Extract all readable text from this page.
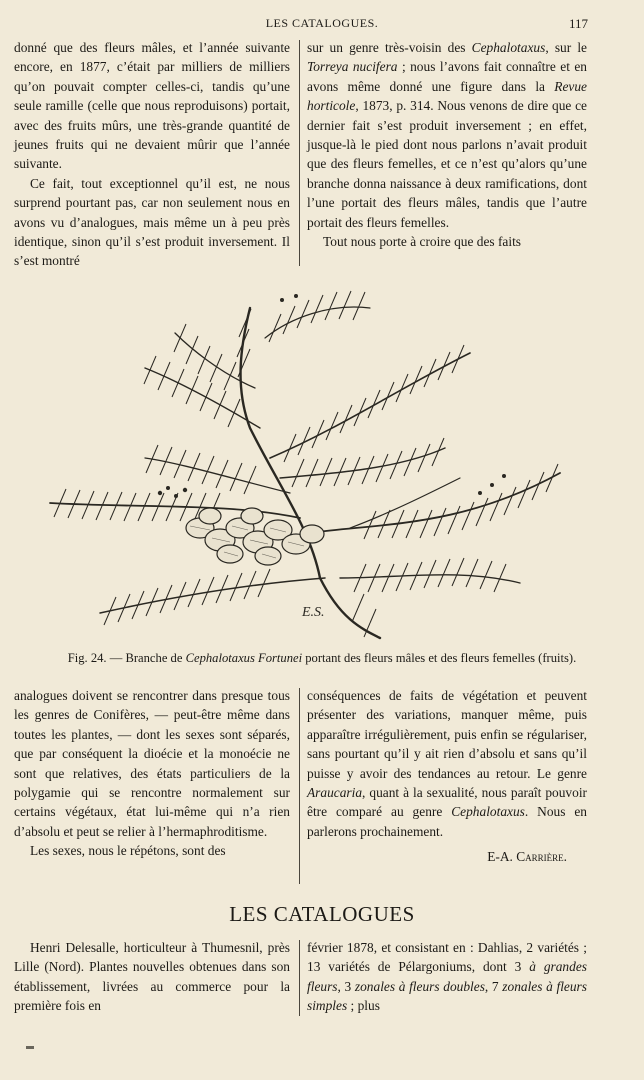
LES CATALOGUES.	117

donné que des fleurs mâles, et l’année suivante encore, en 1877, c’était par milliers de milliers qu’on pouvait compter celles-ci, tandis qu’une seule ramille (celle que nous reproduisons) portait, avec des fruits mûrs, une très-grande quantité de jeunes fruits qui ne devaient mûrir que l’année suivante.

Ce fait, tout exceptionnel qu’il est, ne nous surprend pourtant pas, car non seulement nous en avons vu d’analogues, mais même un à peu près identique, sinon qu’il s’est produit inversement. Il s’est montré

sur un genre très-voisin des Cephalotaxus, sur le Torreya nucifera ; nous l’avons fait connaître et en avons même donné une figure dans la Revue horticole, 1873, p. 314. Nous venons de dire que ce dernier fait s’est produit inversement ; en effet, jusque-là le pied dont nous parlons n’avait produit que des fleurs femelles, et ce n’est qu’alors qu’une branche donna naissance à deux ramifications, dont l’une portait des fleurs mâles, tandis que l’autre portait des fleurs femelles.

Tout nous porte à croire que des faits

E.S.
Fig. 24. — Branche de Cephalotaxus Fortunei portant des fleurs mâles et des fleurs femelles (fruits).

analogues doivent se rencontrer dans presque tous les genres de Conifères, — peut-être même dans toutes les plantes, — dont les sexes sont séparés, que par conséquent la dioécie et la monoécie ne sont que relatives, des états particuliers de la polygamie qui se rencontre normalement sur certains végétaux, état lui-même qui n’a rien d’absolu et peut se relier à l’hermaphroditisme.

Les sexes, nous le répétons, sont des

conséquences de faits de végétation et peuvent présenter des variations, manquer même, puis apparaître irrégulièrement, puis enfin se régulariser, sans pourtant qu’il y ait rien d’absolu et sans qu’il puisse y avoir des tendances au retour. Le genre Araucaria, quant à la sexualité, nous paraît pouvoir être comparé au genre Cephalotaxus. Nous en parlerons prochainement.

E-A. Carrière.

LES CATALOGUES

Henri Delesalle, horticulteur à Thumesnil, près Lille (Nord). Plantes nouvelles obtenues dans son établissement, livrées au commerce pour la première fois en

février 1878, et consistant en : Dahlias, 2 variétés ; 13 variétés de Pélargoniums, dont 3 à grandes fleurs, 3 zonales à fleurs doubles, 7 zonales à fleurs simples ; plus
